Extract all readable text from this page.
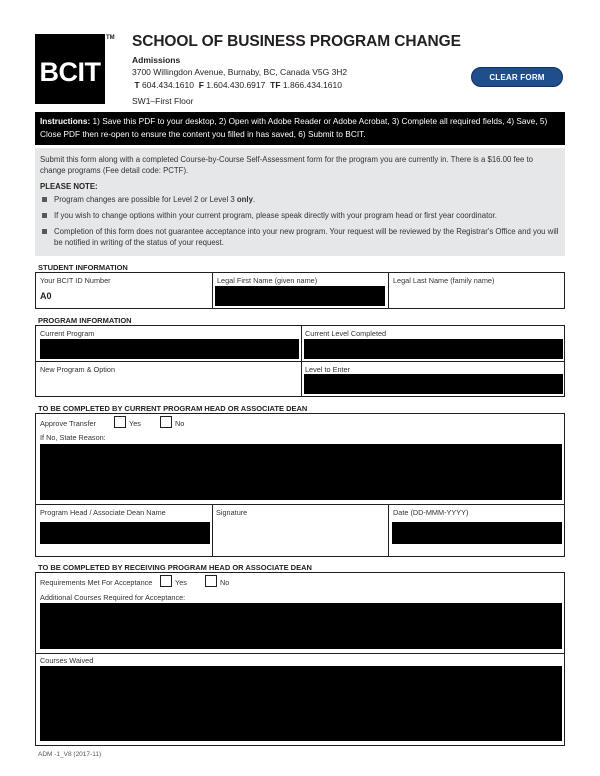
BCIT
TM SCHOOL OF BUSINESS PROGRAM CHANGE
Admissions
3700 Willingdon Avenue, Burnaby, BC, Canada V5G 3H2
T 604.434.1610 F 1.604.430.6917 TF 1.866.434.1610
SW1–First Floor
CLEAR FORM
Instructions: 1) Save this PDF to your desktop, 2) Open with Adobe Reader or Adobe Acrobat, 3) Complete all required fields, 4) Save, 5) Close PDF then re-open to ensure the content you filled in has saved, 6) Submit to BCIT.
Submit this form along with a completed Course-by-Course Self-Assessment form for the program you are currently in. There is a $16.00 fee to change programs (Fee detail code: PCTF).
PLEASE NOTE:
Program changes are possible for Level 2 or Level 3 only.
If you wish to change options within your current program, please speak directly with your program head or first year coordinator.
Completion of this form does not guarantee acceptance into your new program. Your request will be reviewed by the Registrar's Office and you will be notified in writing of the status of your request.
STUDENT INFORMATION
Your BCIT ID Number
A0
Legal First Name (given name)	Legal Last Name (family name)
PROGRAM INFORMATION
Current Program	Current Level Completed
New Program & Option	Level to Enter
TO BE COMPLETED BY CURRENT PROGRAM HEAD OR ASSOCIATE DEAN
Approve Transfer	Yes	No
If No, State Reason:
Program Head / Associate Dean Name	Signature	Date (DD-MMM-YYYY)
TO BE COMPLETED BY RECEIVING PROGRAM HEAD OR ASSOCIATE DEAN
Requirements Met For Acceptance	Yes	No
Additional Courses Required for Acceptance:
Courses Waived
ADM -1_V8 (2017-11)
